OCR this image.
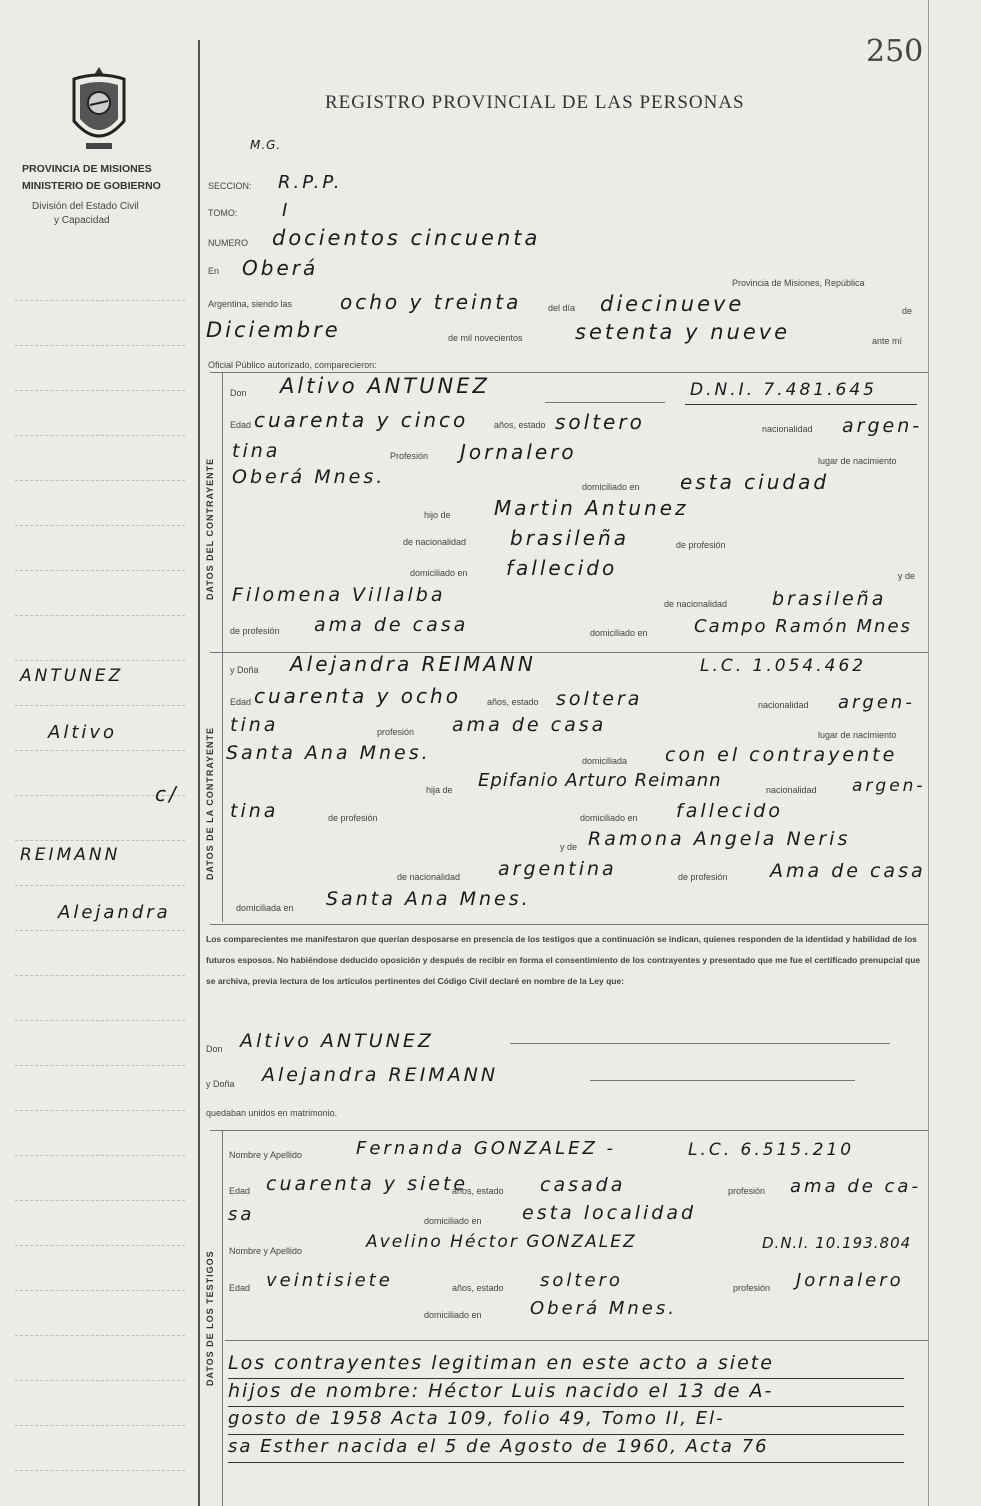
PROVINCIA DE MISIONES
MINISTERIO DE GOBIERNO
División del Estado Civil
y Capacidad
250
REGISTRO PROVINCIAL DE LAS PERSONAS
M.G.
ANTUNEZ
Altivo
c/
REIMANN
Alejandra
SECCION: R.P.P.
TOMO: I
NUMERO docientos cincuenta
En Oberá
Provincia de Misiones, República
Argentina, siendo las ocho y treinta	del día diecinueve	de
Diciembre	de mil novecientos setenta y nueve	ante mí
Oficial Público autorizado, comparecieron:
DATOS DEL CONTRAYENTE
Don Altivo ANTUNEZ	D.N.I. 7.481.645
Edad cuarenta y cinco	años, estado soltero	nacionalidad argen-
tina	Profesión Jornalero	lugar de nacimiento
Oberá Mnes.	domiciliado en esta ciudad
hijo de Martin Antunez
de nacionalidad brasileña	de profesión
domiciliado en fallecido	y de
Filomena Villalba	de nacionalidad brasileña
de profesión ama de casa	domiciliado en	Campo Ramón Mnes
DATOS DE LA CONTRAYENTE
y Doña Alejandra REIMANN	L.C. 1.054.462
Edad cuarenta y ocho	años, estado soltera	nacionalidad argen-
tina	profesión ama de casa	lugar de nacimiento
Santa Ana Mnes.	domiciliada con el contrayente
hija de Epifanio Arturo Reimann	nacionalidad argen-
tina	de profesión	domiciliado en fallecido
y de Ramona Angela Neris
de nacionalidad argentina	de profesión Ama de casa
domiciliada en Santa Ana Mnes.
Los comparecientes me manifestaron que querían desposarse en presencia de los testigos que a continuación se indican, quienes responden de la identidad y habilidad de los futuros esposos. No habiéndose deducido oposición y después de recibir en forma el consentimiento de los contrayentes y presentado que me fue el certificado prenupcial que se archiva, previa lectura de los artículos pertinentes del Código Civil declaré en nombre de la Ley que:
Don Altivo ANTUNEZ
y Doña Alejandra REIMANN
quedaban unidos en matrimonio.
DATOS DE LOS TESTIGOS
Nombre y Apellido	Fernanda GONZALEZ -	L.C. 6.515.210
Edad cuarenta y siete
años, estado casada	profesión ama de ca-
sa	domiciliado en esta localidad
Nombre y Apellido	Avelino Héctor GONZALEZ	D.N.I. 10.193.804
Edad veintisiete	años, estado soltero	profesión Jornalero
domiciliado en	Oberá Mnes.
Los contrayentes legitiman en este acto a siete
hijos de nombre: Héctor Luis nacido el 13 de A-
gosto de 1958 Acta 109, folio 49, Tomo II, El-
sa Esther nacida el 5 de Agosto de 1960, Acta 76
